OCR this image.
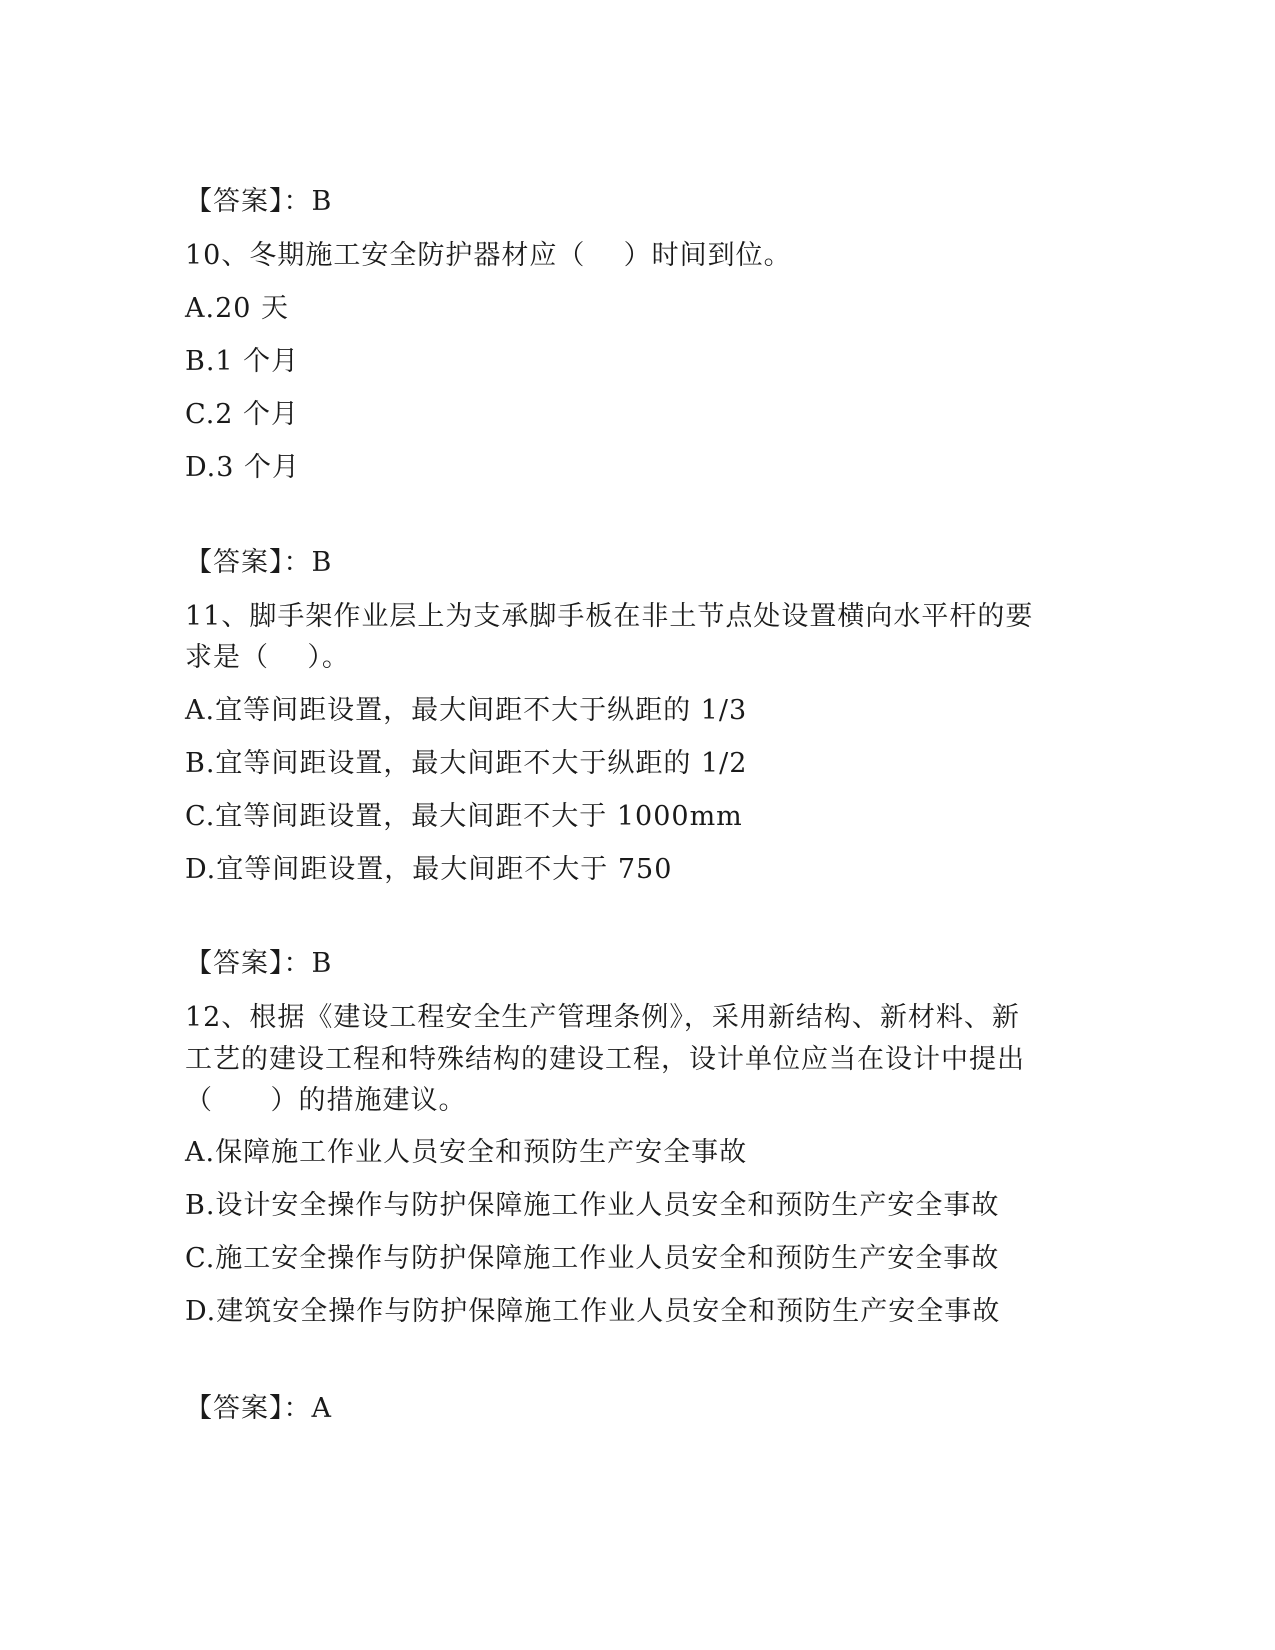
【答案】：B
10、冬期施工安全防护器材应（    ）时间到位。
A.20 天
B.1 个月
C.2 个月
D.3 个月
【答案】：B
11、脚手架作业层上为支承脚手板在非土节点处设置横向水平杆的要
求是（    ）。
A.宜等间距设置，最大间距不大于纵距的 1/3
B.宜等间距设置，最大间距不大于纵距的 1/2
C.宜等间距设置，最大间距不大于 1000mm
D.宜等间距设置，最大间距不大于 750
【答案】：B
12、根据《建设工程安全生产管理条例》，采用新结构、新材料、新
工艺的建设工程和特殊结构的建设工程，设计单位应当在设计中提出
（      ）的措施建议。
A.保障施工作业人员安全和预防生产安全事故
B.设计安全操作与防护保障施工作业人员安全和预防生产安全事故
C.施工安全操作与防护保障施工作业人员安全和预防生产安全事故
D.建筑安全操作与防护保障施工作业人员安全和预防生产安全事故
【答案】：A
